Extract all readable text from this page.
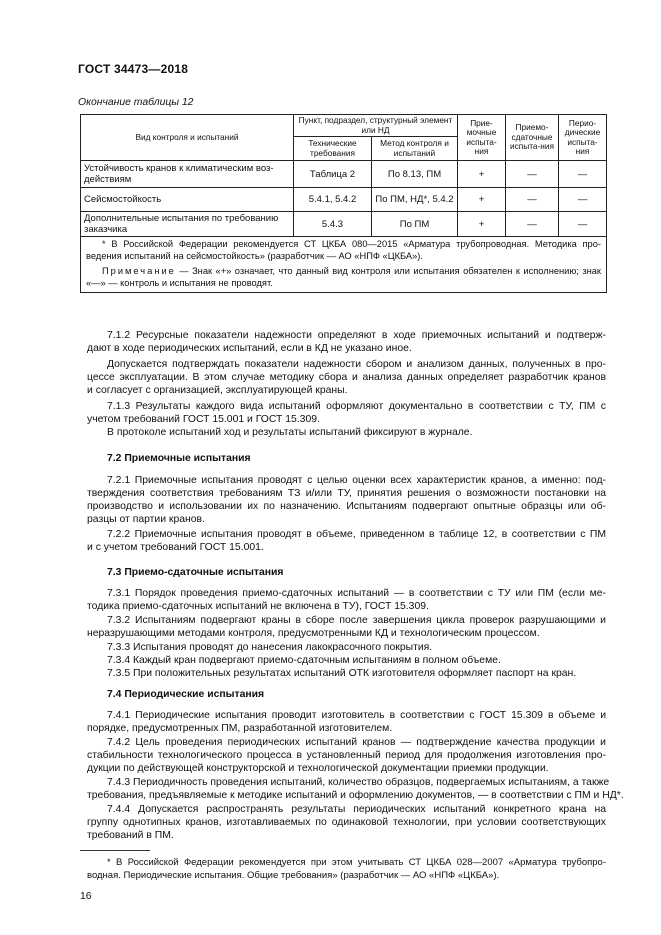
ГОСТ 34473—2018
Окончание таблицы 12
Вид контроля и испытаний	Пункт, подраздел, структурный элемент или НД		Прие-мочные испыта-ния	Приемо-сдаточные испыта-ния	Перио-дические испыта-ния
	Технические требования	Метод контроля и испытаний			
Устойчивость кранов к климатическим воз-действиям	Таблица 2	По 8.13, ПМ	+	—	—
Сейсмостойкость	5.4.1, 5.4.2	По ПМ, НД*, 5.4.2	+	—	—
Дополнительные испытания по требованию заказчика	5.4.3	По ПМ	+	—	—

* В Российской Федерации рекомендуется СТ ЦКБА 080—2015 «Арматура трубопроводная. Методика про-ведения испытаний на сейсмостойкость» (разработчик — АО «НПФ «ЦКБА»).

Примечание — Знак «+» означает, что данный вид контроля или испытания обязателен к исполнению; знак «—» — контроль и испытания не проводят.					

7.1.2 Ресурсные показатели надежности определяют в ходе приемочных испытаний и подтверж-
дают в ходе периодических испытаний, если в КД не указано иное.
Допускается подтверждать показатели надежности сбором и анализом данных, полученных в про-
цессе эксплуатации. В этом случае методику сбора и анализа данных определяет разработчик кранов
и согласует с организацией, эксплуатирующей краны.
7.1.3 Результаты каждого вида испытаний оформляют документально в соответствии с ТУ, ПМ с
учетом требований ГОСТ 15.001 и ГОСТ 15.309.
В протоколе испытаний ход и результаты испытаний фиксируют в журнале.
7.2 Приемочные испытания
7.2.1 Приемочные испытания проводят с целью оценки всех характеристик кранов, а именно: под-
тверждения соответствия требованиям ТЗ и/или ТУ, принятия решения о возможности постановки на
производство и использовании их по назначению. Испытаниям подвергают опытные образцы или об-
разцы от партии кранов.
7.2.2 Приемочные испытания проводят в объеме, приведенном в таблице 12, в соответствии с ПМ
и с учетом требований ГОСТ 15.001.
7.3 Приемо-сдаточные испытания
7.3.1 Порядок проведения приемо-сдаточных испытаний — в соответствии с ТУ или ПМ (если ме-
тодика приемо-сдаточных испытаний не включена в ТУ), ГОСТ 15.309.
7.3.2 Испытаниям подвергают краны в сборе после завершения цикла проверок разрушающими и
неразрушающими методами контроля, предусмотренными КД и технологическим процессом.
7.3.3 Испытания проводят до нанесения лакокрасочного покрытия.
7.3.4 Каждый кран подвергают приемо-сдаточным испытаниям в полном объеме.
7.3.5 При положительных результатах испытаний ОТК изготовителя оформляет паспорт на кран.
7.4 Периодические испытания
7.4.1 Периодические испытания проводит изготовитель в соответствии с ГОСТ 15.309 в объеме и
порядке, предусмотренных ПМ, разработанной изготовителем.
7.4.2 Цель проведения периодических испытаний кранов — подтверждение качества продукции и
стабильности технологического процесса в установленный период для продолжения изготовления про-
дукции по действующей конструкторской и технологической документации приемки продукции.
7.4.3 Периодичность проведения испытаний, количество образцов, подвергаемых испытаниям, а также
требования, предъявляемые к методике испытаний и оформлению документов, — в соответствии с ПМ и НД*.
7.4.4 Допускается распространять результаты периодических испытаний конкретного крана на
группу однотипных кранов, изготавливаемых по одинаковой технологии, при условии соответствующих
требований в ПМ.
* В Российской Федерации рекомендуется при этом учитывать СТ ЦКБА 028—2007 «Арматура трубопро-
водная. Периодические испытания. Общие требования» (разработчик — АО «НПФ «ЦКБА»).
16
